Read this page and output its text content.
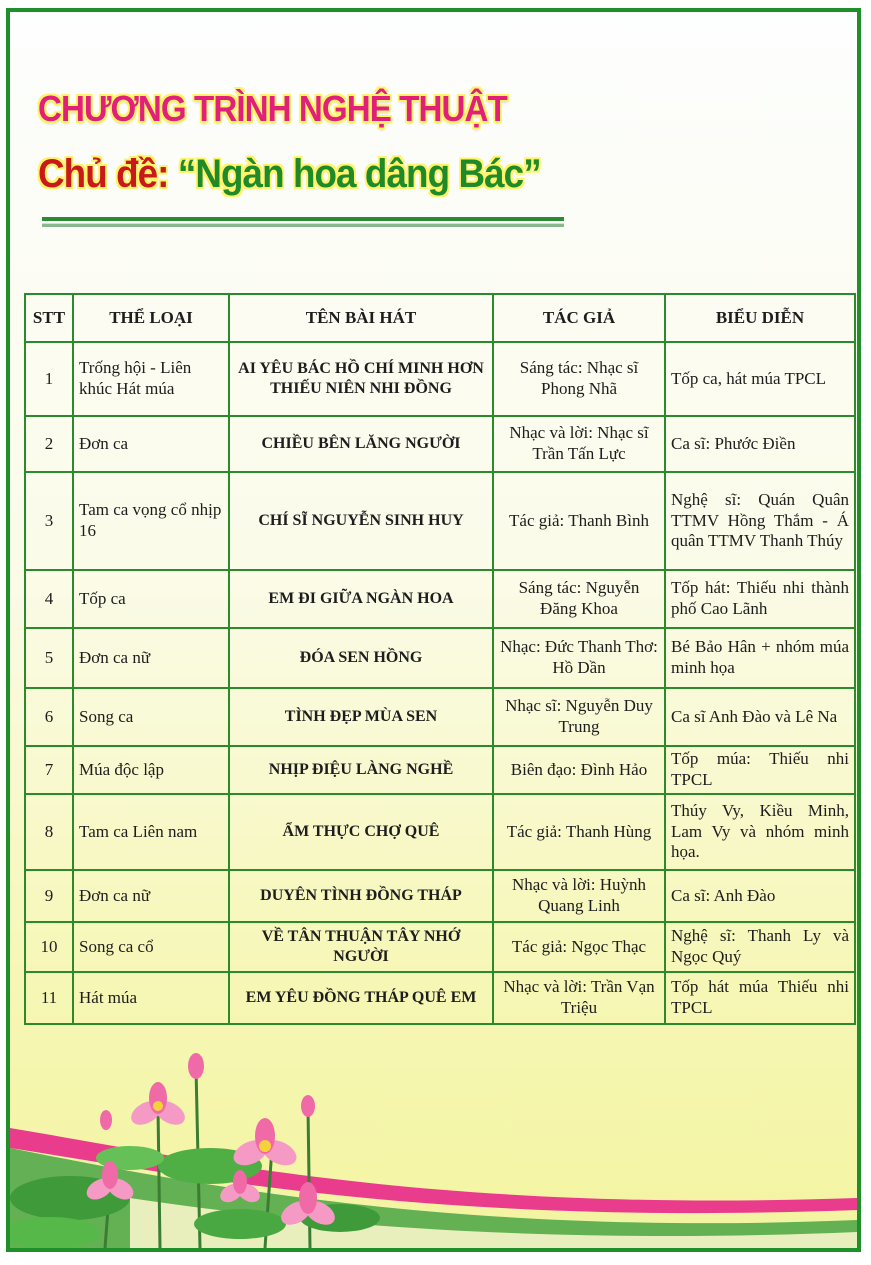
CHƯƠNG TRÌNH NGHỆ THUẬT
Chủ đề: “Ngàn hoa dâng Bác”
STT	THỂ LOẠI	TÊN BÀI HÁT	TÁC GIẢ	BIỂU DIỄN
1	Trống hội - Liên khúc Hát múa	AI YÊU BÁC HỒ CHÍ MINH HƠN THIẾU NIÊN NHI ĐỒNG	Sáng tác: Nhạc sĩ Phong Nhã	Tốp ca, hát múa TPCL
2	Đơn ca	CHIỀU BÊN LĂNG NGƯỜI	Nhạc và lời: Nhạc sĩ Trần Tấn Lực	Ca sĩ: Phước Điền
3	Tam ca vọng cổ nhịp 16	CHÍ SĨ NGUYỄN SINH HUY	Tác giả: Thanh Bình	Nghệ sĩ: Quán Quân TTMV Hồng Thắm - Á quân TTMV Thanh Thúy
4	Tốp ca	EM ĐI GIỮA NGÀN HOA	Sáng tác: Nguyễn Đăng Khoa	Tốp hát: Thiếu nhi thành phố Cao Lãnh
5	Đơn ca nữ	ĐÓA SEN HỒNG	Nhạc: Đức Thanh Thơ: Hồ Dần	Bé Bảo Hân + nhóm múa minh họa
6	Song ca	TÌNH ĐẸP MÙA SEN	Nhạc sĩ: Nguyễn Duy Trung	Ca sĩ Anh Đào và Lê Na
7	Múa độc lập	NHỊP ĐIỆU LÀNG NGHỀ	Biên đạo: Đình Hảo	Tốp múa: Thiếu nhi TPCL
8	Tam ca Liên nam	ẨM THỰC CHỢ QUÊ	Tác giả: Thanh Hùng	Thúy Vy, Kiều Minh, Lam Vy và nhóm minh họa.
9	Đơn ca nữ	DUYÊN TÌNH ĐỒNG THÁP	Nhạc và lời: Huỳnh Quang Linh	Ca sĩ: Anh Đào
10	Song ca cổ	VỀ TÂN THUẬN TÂY NHỚ NGƯỜI	Tác giả: Ngọc Thạc	Nghệ sĩ: Thanh Ly và Ngọc Quý
11	Hát múa	EM YÊU ĐỒNG THÁP QUÊ EM	Nhạc và lời: Trần Vạn Triệu	Tốp hát múa Thiếu nhi TPCL
